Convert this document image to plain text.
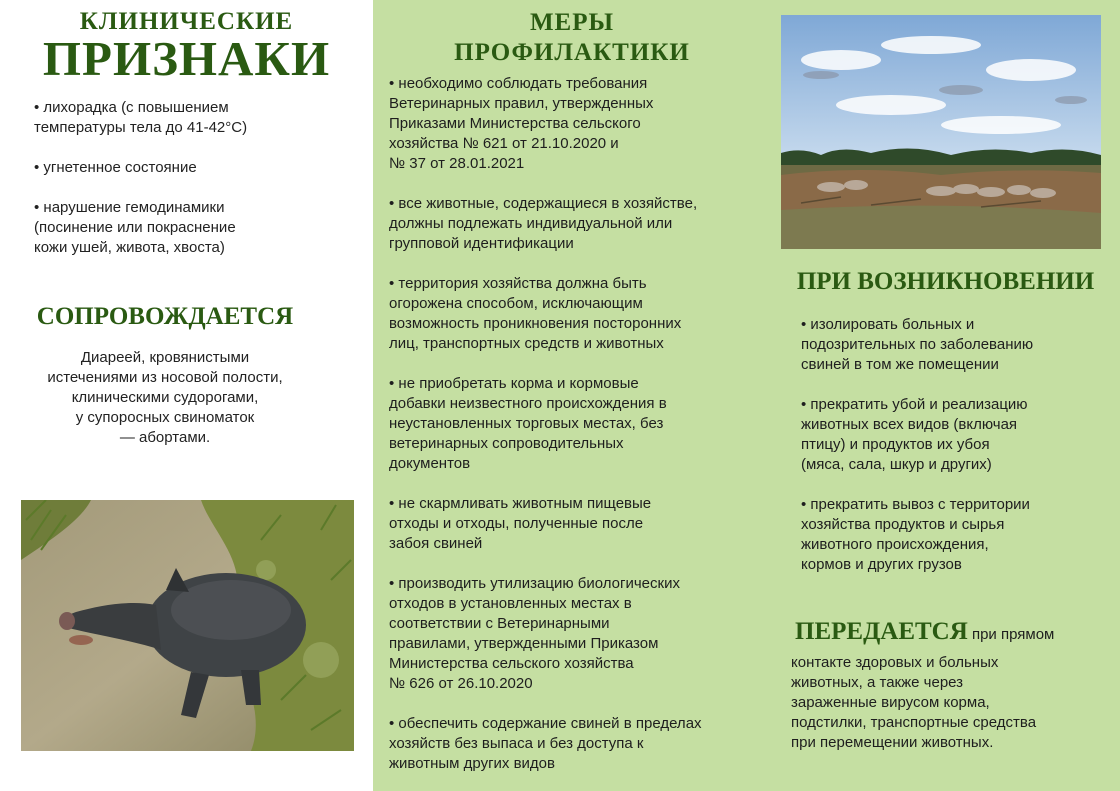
КЛИНИЧЕСКИЕ
ПРИЗНАКИ
• лихорадка (с повышением
температуры тела до 41-42°С)
• угнетенное состояние
• нарушение гемодинамики
(посинение или покраснение
кожи ушей, живота, хвоста)
СОПРОВОЖДАЕТСЯ
Диареей, кровянистыми
истечениями из носовой полости,
клиническими судорогами,
у супоросных свиноматок
— абортами.
МЕРЫ
ПРОФИЛАКТИКИ
• необходимо соблюдать требования
Ветеринарных правил, утвержденных
Приказами Министерства сельского
хозяйства № 621 от 21.10.2020 и
№ 37 от 28.01.2021
• все животные, содержащиеся в хозяйстве,
должны подлежать индивидуальной или
групповой идентификации
• территория хозяйства должна быть
огорожена способом, исключающим
возможность проникновения посторонних
лиц, транспортных средств и животных
• не приобретать корма и кормовые
добавки неизвестного происхождения в
неустановленных торговых местах, без
ветеринарных сопроводительных
документов
• не скармливать животным пищевые
отходы и отходы, полученные после
забоя свиней
• производить утилизацию биологических
отходов в установленных местах в
соответствии с Ветеринарными
правилами, утвержденными Приказом
Министерства сельского хозяйства
№ 626 от 26.10.2020
• обеспечить содержание свиней в пределах
хозяйств без выпаса и без доступа к
животным других видов
ПРИ ВОЗНИКНОВЕНИИ
• изолировать больных и
подозрительных по заболеванию
свиней в том же помещении
• прекратить убой и реализацию
животных всех видов (включая
птицу) и продуктов их убоя
(мяса, сала, шкур и других)
• прекратить вывоз с территории
хозяйства продуктов и сырья
животного происхождения,
кормов и других грузов
ПЕРЕДАЕТСЯ при прямом
контакте здоровых и больных
животных, а также через
зараженные вирусом корма,
подстилки, транспортные средства
при перемещении животных.
